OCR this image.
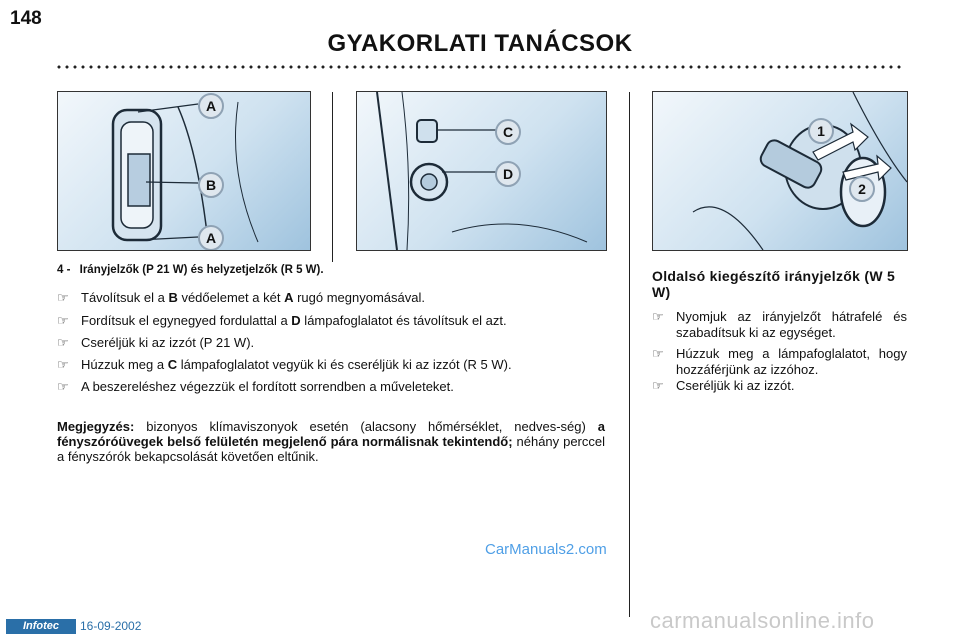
148
GYAKORLATI TANÁCSOK
A
B
A
C
D
1
2
4 - Irányjelzők (P 21 W) és helyzetjelzők (R 5 W).
☞ Távolítsuk el a B védőelemet a két A rugó megnyomásával.
☞ Fordítsuk el egynegyed fordulattal a D lámpafoglalatot és távolítsuk el azt.
☞ Cseréljük ki az izzót (P 21 W).
☞ Húzzuk meg a C lámpafoglalatot vegyük ki és cseréljük ki az izzót (R 5 W).
☞ A beszereléshez végezzük el fordított sorrendben a műveleteket.
Megjegyzés: bizonyos klímaviszonyok esetén (alacsony hőmérséklet, nedves-ség) a fényszóróüvegek belső felületén megjelenő pára normálisnak tekintendő; néhány perccel a fényszórók bekapcsolását követően eltűnik.
Oldalsó kiegészítő irányjelzők (W 5 W)
☞ Nyomjuk az irányjelzőt hátrafelé és szabadítsuk ki az egységet.
☞ Húzzuk meg a lámpafoglalatot, hogy hozzáférjünk az izzóhoz.
☞ Cseréljük ki az izzót.
CarManuals2.com
carmanualsonline.info
Infotec	16-09-2002
